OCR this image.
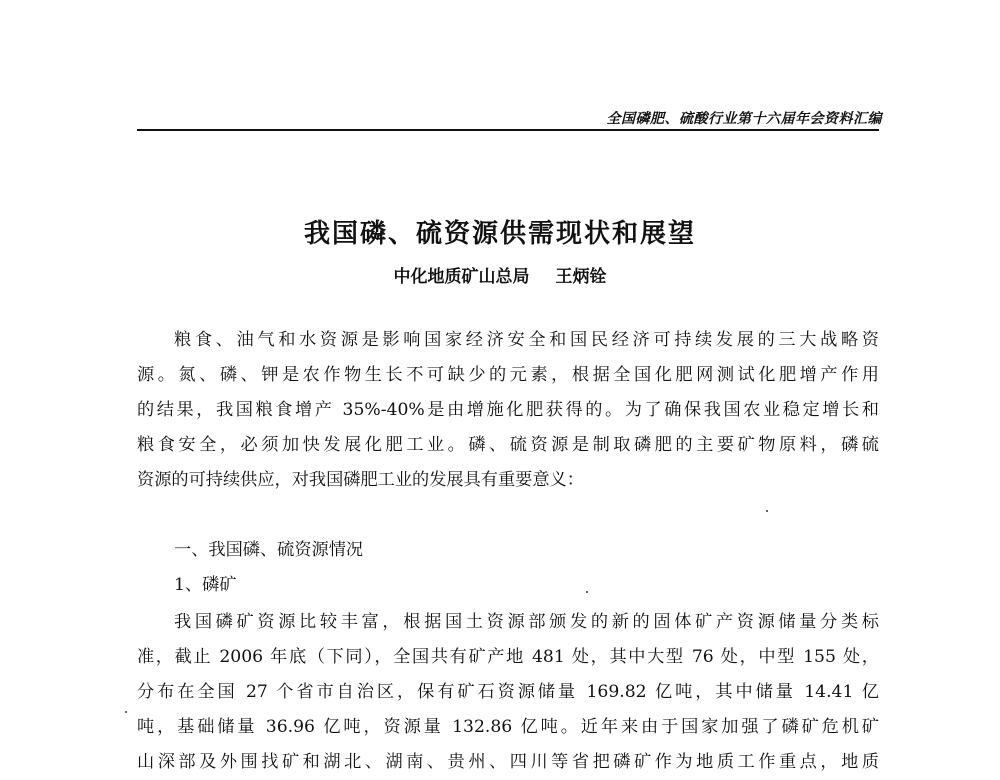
全国磷肥、硫酸行业第十六届年会资料汇编
我国磷、硫资源供需现状和展望
中化地质矿山总局 王炳铨
粮食、油气和水资源是影响国家经济安全和国民经济可持续发展的三大战略资
源。氮、磷、钾是农作物生长不可缺少的元素，根据全国化肥网测试化肥增产作用
的结果，我国粮食增产 35%-40%是由增施化肥获得的。为了确保我国农业稳定增长和
粮食安全，必须加快发展化肥工业。磷、硫资源是制取磷肥的主要矿物原料，磷硫
资源的可持续供应，对我国磷肥工业的发展具有重要意义：
一、我国磷、硫资源情况
1、磷矿
我国磷矿资源比较丰富，根据国土资源部颁发的新的固体矿产资源储量分类标
准，截止 2006 年底（下同），全国共有矿产地 481 处，其中大型 76 处，中型 155 处，
分布在全国 27 个省市自治区，保有矿石资源储量 169.82 亿吨，其中储量 14.41 亿
吨，基础储量 36.96 亿吨，资源量 132.86 亿吨。近年来由于国家加强了磷矿危机矿
山深部及外围找矿和湖北、湖南、贵州、四川等省把磷矿作为地质工作重点，地质
